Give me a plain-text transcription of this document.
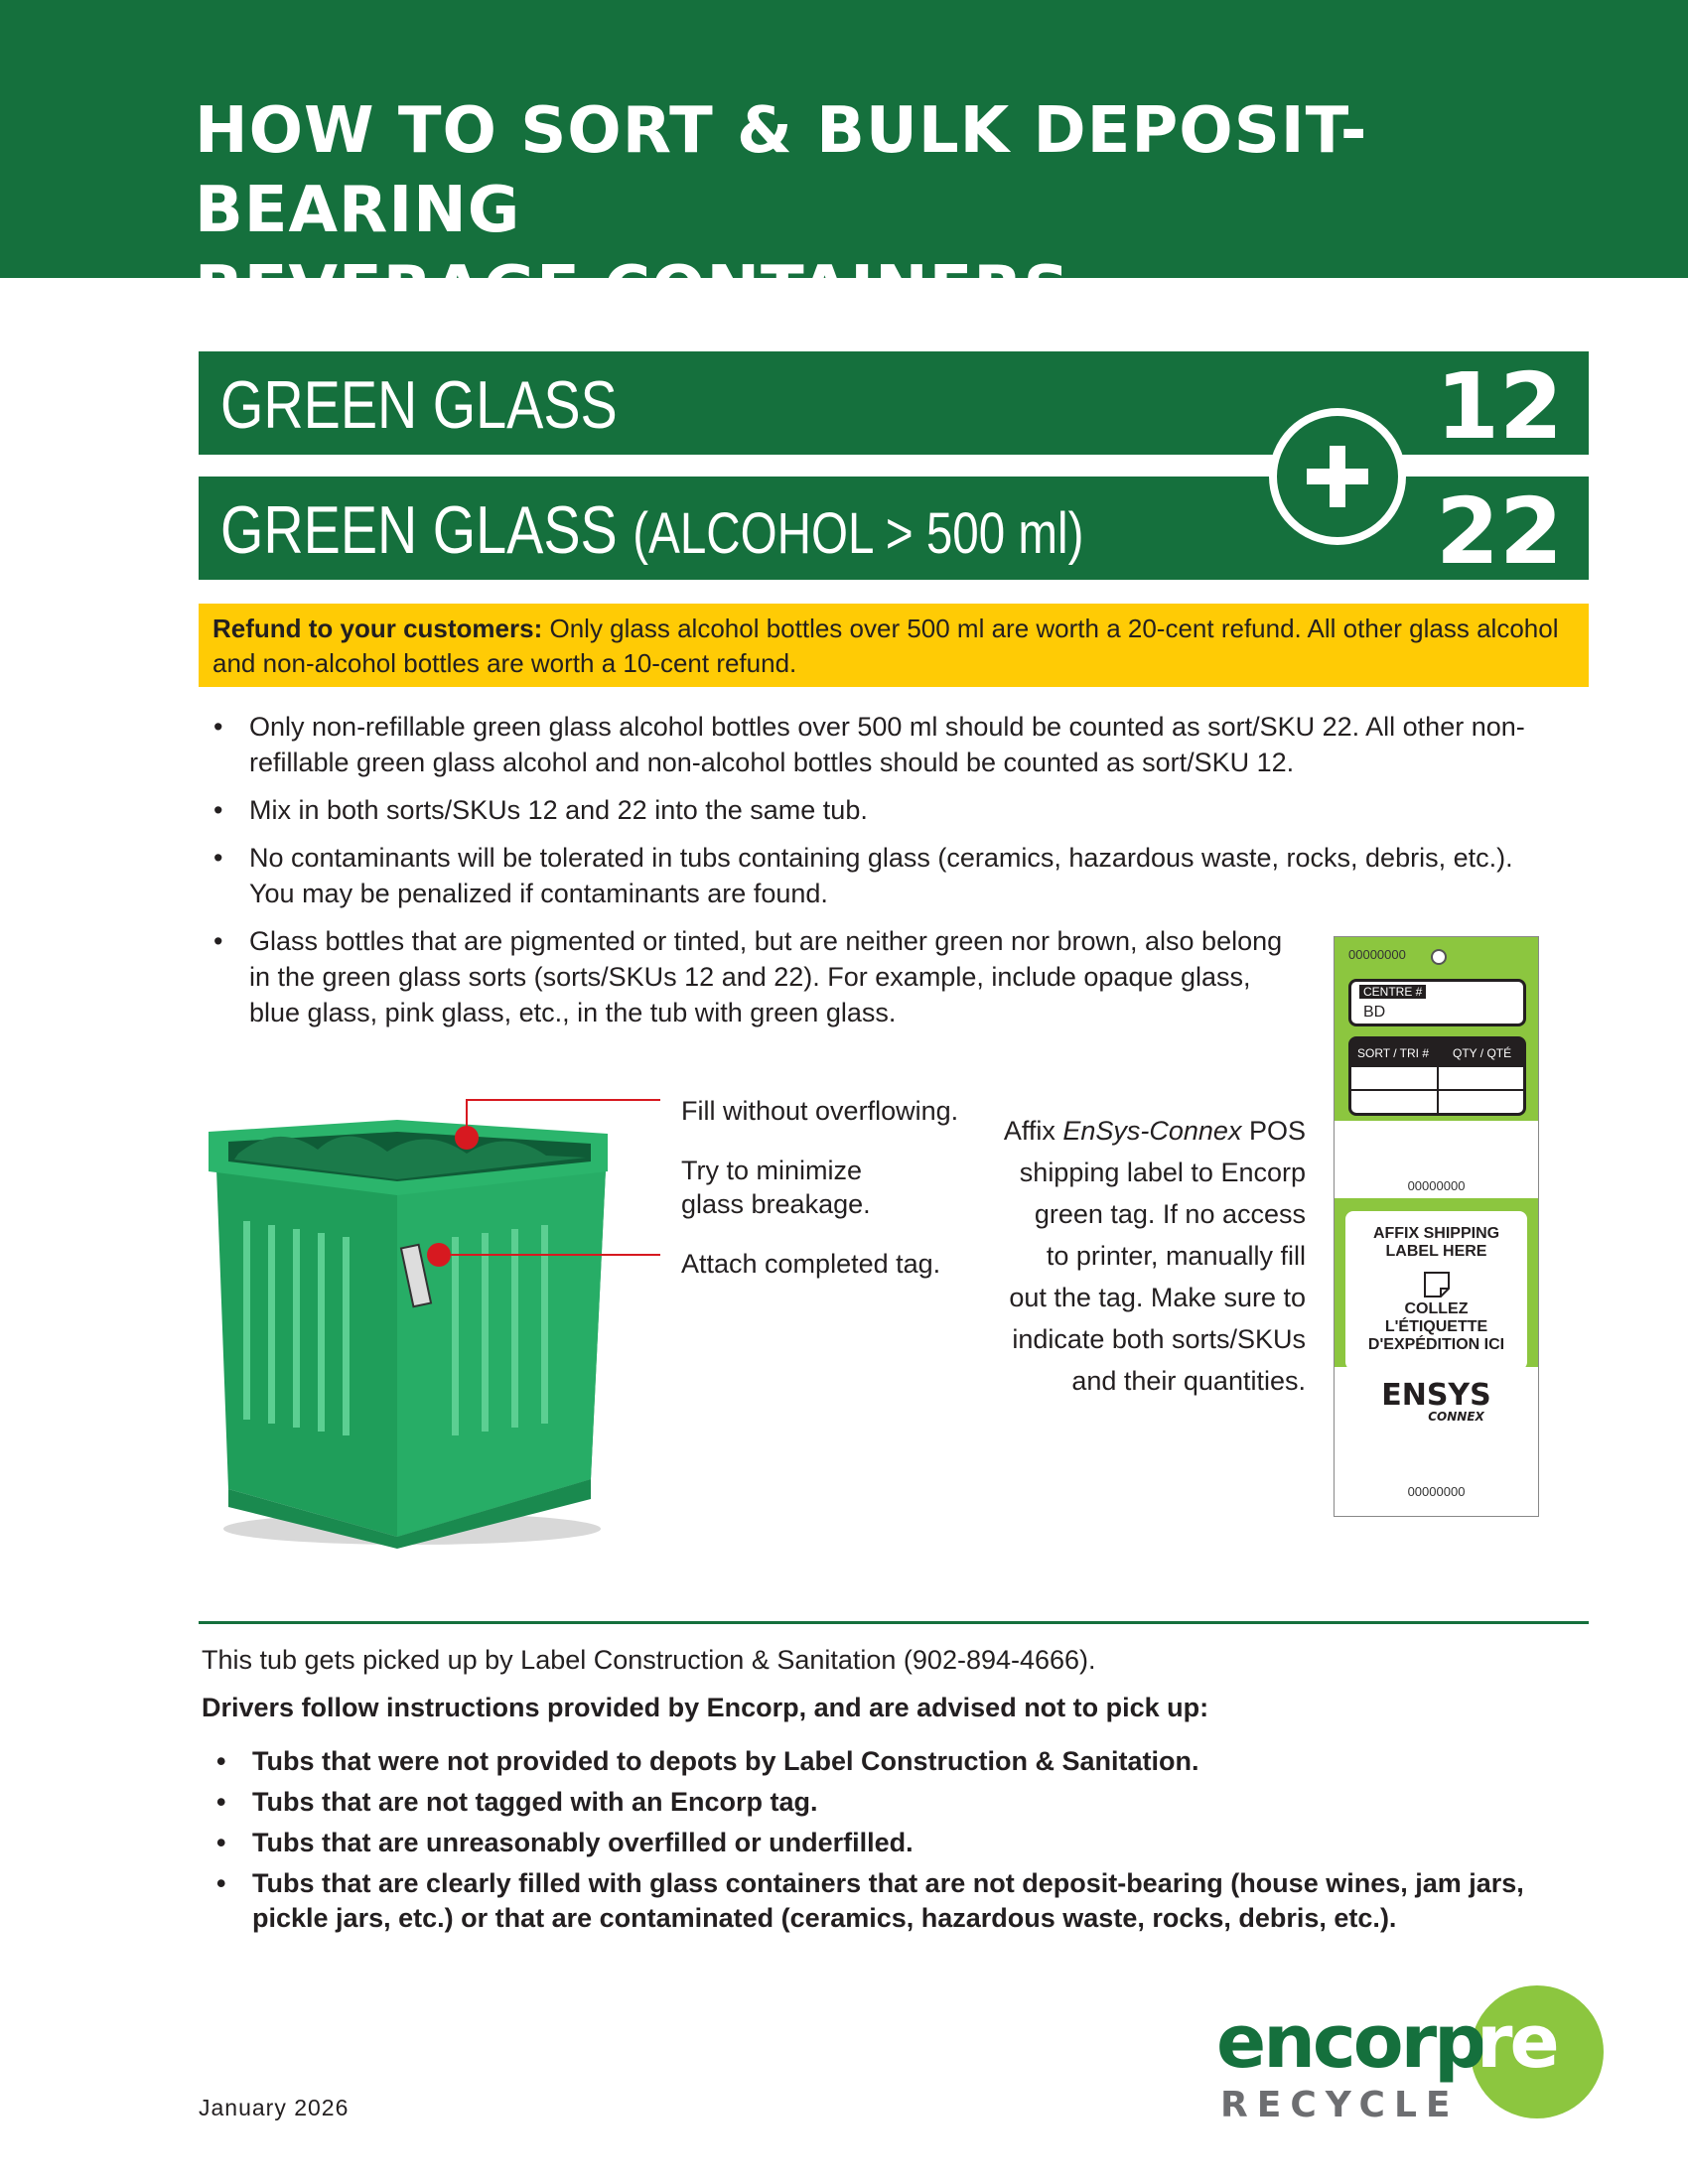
HOW TO SORT & BULK DEPOSIT-BEARING
BEVERAGE CONTAINERS
GREEN GLASS	12
GREEN GLASS (ALCOHOL > 500 ml)	22
Refund to your customers: Only glass alcohol bottles over 500 ml are worth a 20-cent refund. All other glass alcohol and non-alcohol bottles are worth a 10-cent refund.
• Only non-refillable green glass alcohol bottles over 500 ml should be counted as sort/SKU 22. All other non-refillable green glass alcohol and non-alcohol bottles should be counted as sort/SKU 12.
• Mix in both sorts/SKUs 12 and 22 into the same tub.
• No contaminants will be tolerated in tubs containing glass (ceramics, hazardous waste, rocks, debris, etc.). You may be penalized if contaminants are found.
• Glass bottles that are pigmented or tinted, but are neither green nor brown, also belong in the green glass sorts (sorts/SKUs 12 and 22). For example, include opaque glass, blue glass, pink glass, etc., in the tub with green glass.
Fill without overflowing.
Try to minimize
glass breakage.
Attach completed tag.
Affix EnSys-Connex POS
shipping label to Encorp
green tag. If no access
to printer, manually fill
out the tag. Make sure to
indicate both sorts/SKUs
and their quantities.
00000000
CENTRE #
BD
SORT / TRI # QTY / QTÉ
00000000
AFFIX SHIPPING
LABEL HERE
COLLEZ
L'ÉTIQUETTE
D'EXPÉDITION ICI
ENSYS
CONNEX
00000000
This tub gets picked up by Label Construction & Sanitation (902-894-4666).
Drivers follow instructions provided by Encorp, and are advised not to pick up:
• Tubs that were not provided to depots by Label Construction & Sanitation.
• Tubs that are not tagged with an Encorp tag.
• Tubs that are unreasonably overfilled or underfilled.
• Tubs that are clearly filled with glass containers that are not deposit-bearing (house wines, jam jars, pickle jars, etc.) or that are contaminated (ceramics, hazardous waste, rocks, debris, etc.).
January 2026
encorp
re
RECYCLE
